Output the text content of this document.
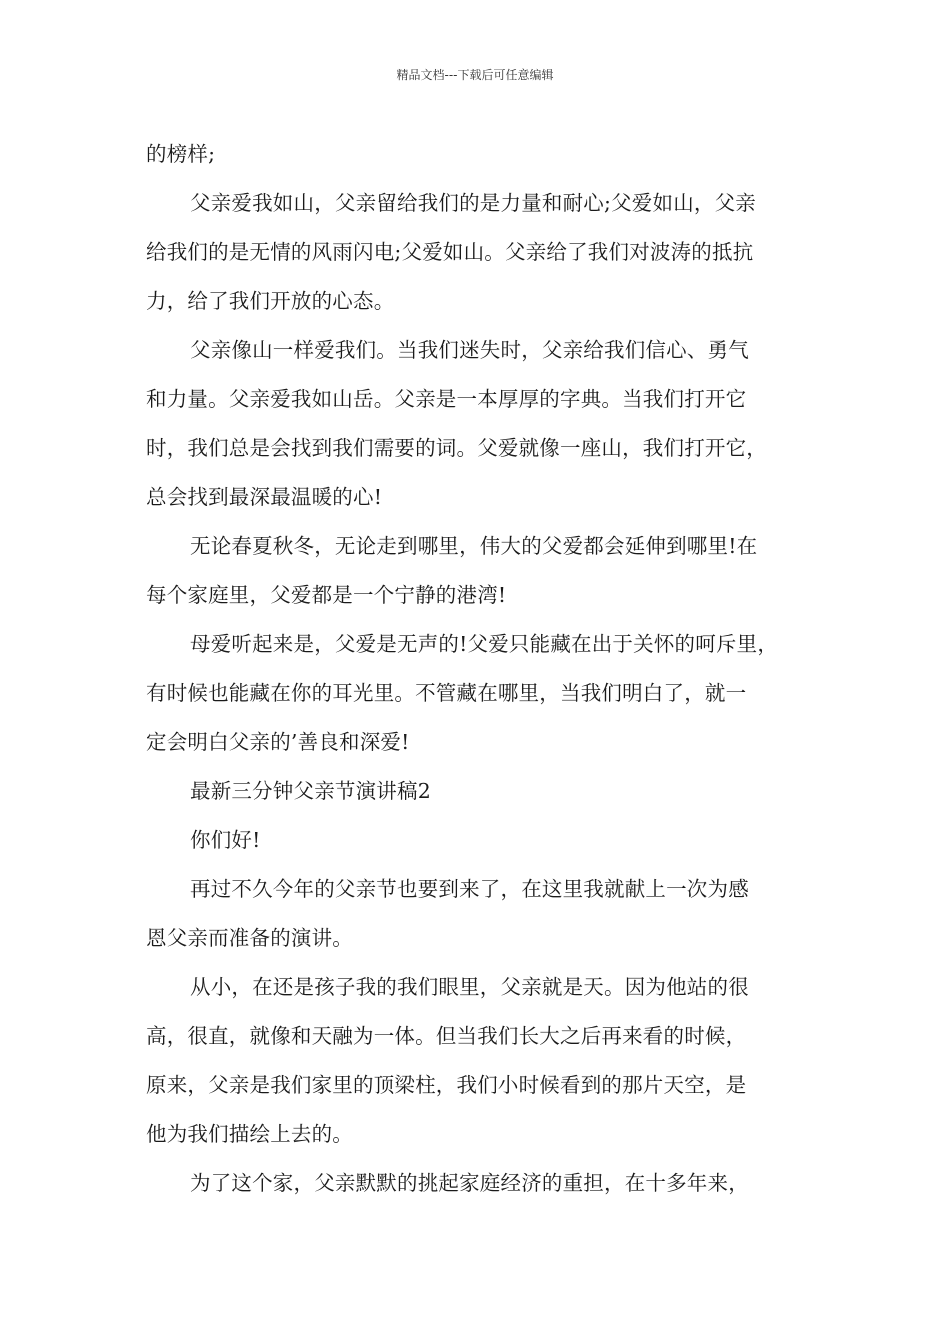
精品文档---下载后可任意编辑
的榜样;
父亲爱我如山，父亲留给我们的是力量和耐心;父爱如山，父亲
给我们的是无情的风雨闪电;父爱如山。父亲给了我们对波涛的抵抗
力，给了我们开放的心态。
父亲像山一样爱我们。当我们迷失时，父亲给我们信心、勇气
和力量。父亲爱我如山岳。父亲是一本厚厚的字典。当我们打开它
时，我们总是会找到我们需要的词。父爱就像一座山，我们打开它，
总会找到最深最温暖的心!
无论春夏秋冬，无论走到哪里，伟大的父爱都会延伸到哪里!在
每个家庭里，父爱都是一个宁静的港湾!
母爱听起来是，父爱是无声的!父爱只能藏在出于关怀的呵斥里，
有时候也能藏在你的耳光里。不管藏在哪里，当我们明白了，就一
定会明白父亲的’善良和深爱!
最新三分钟父亲节演讲稿2
你们好!
再过不久今年的父亲节也要到来了，在这里我就献上一次为感
恩父亲而准备的演讲。
从小，在还是孩子我的我们眼里，父亲就是天。因为他站的很
高，很直，就像和天融为一体。但当我们长大之后再来看的时候，
原来，父亲是我们家里的顶梁柱，我们小时候看到的那片天空，是
他为我们描绘上去的。
为了这个家，父亲默默的挑起家庭经济的重担，在十多年来，
